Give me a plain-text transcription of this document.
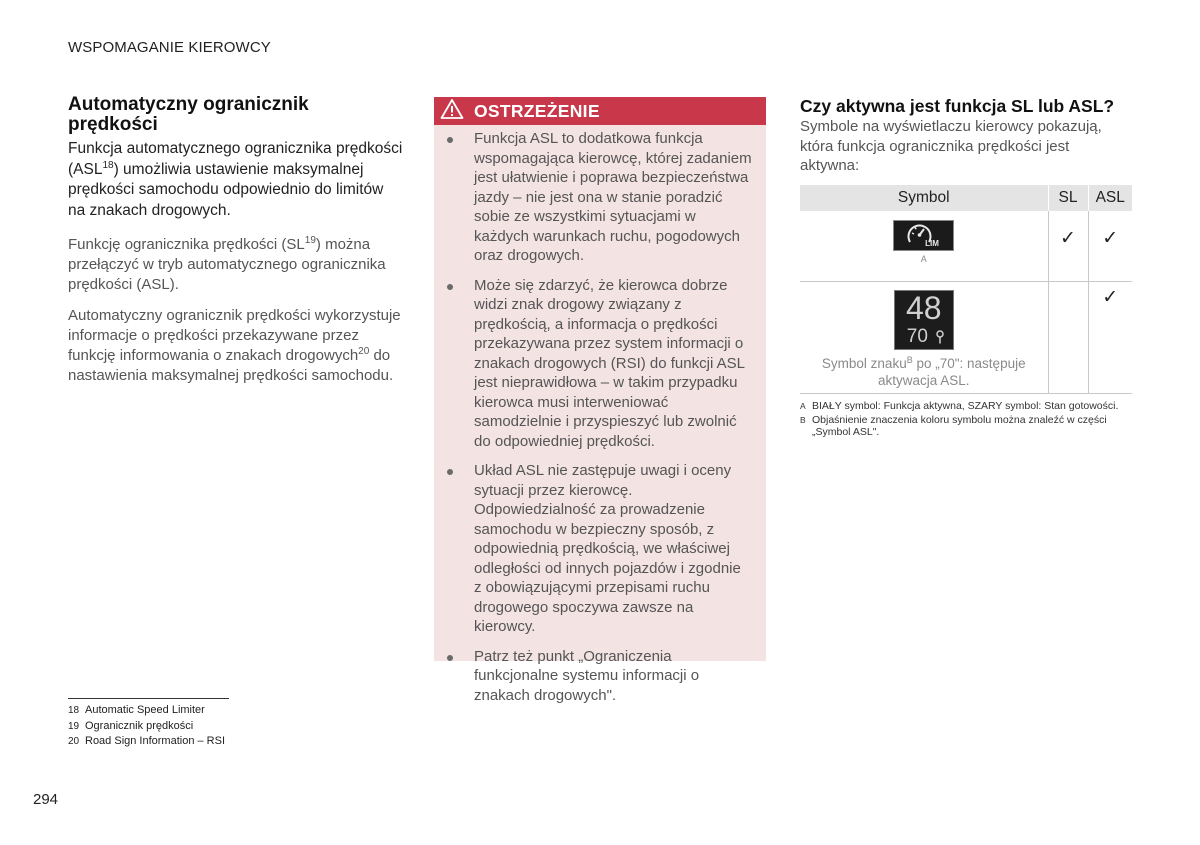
WSPOMAGANIE KIEROWCY
Automatyczny ogranicznik prędkości

Funkcja automatycznego ogranicznika prędkości (ASL$^{18}$) umożliwia ustawienie maksymalnej prędkości samochodu odpowiednio do limitów na znakach drogowych.

Funkcję ogranicznika prędkości (SL$^{19}$) można przełączyć w tryb automatycznego ogranicznika prędkości (ASL).

Automatyczny ogranicznik prędkości wykorzystuje informacje o prędkości przekazywane przez funkcję informowania o znakach drogowych$^{20}$ do nastawienia maksymalnej prędkości samochodu.

OSTRZEŻENIE
Funkcja ASL to dodatkowa funkcja wspomagająca kierowcę, której zadaniem jest ułatwienie i poprawa bezpieczeństwa jazdy – nie jest ona w stanie poradzić sobie ze wszystkimi sytuacjami w każdych warunkach ruchu, pogodowych oraz drogowych.
Może się zdarzyć, że kierowca dobrze widzi znak drogowy związany z prędkością, a informacja o prędkości przekazywana przez system informacji o znakach drogowych (RSI) do funkcji ASL jest nieprawidłowa – w takim przypadku kierowca musi interweniować samodzielnie i przyspieszyć lub zwolnić do odpowiedniej prędkości.
Układ ASL nie zastępuje uwagi i oceny sytuacji przez kierowcę. Odpowiedzialność za prowadzenie samochodu w bezpieczny sposób, z odpowiednią prędkością, we właściwej odległości od innych pojazdów i zgodnie z obowiązującymi przepisami ruchu drogowego spoczywa zawsze na kierowcy.
Patrz też punkt „Ograniczenia funkcjonalne systemu informacji o znakach drogowych".
Czy aktywna jest funkcja SL lub ASL?

Symbole na wyświetlaczu kierowcy pokazują, która funkcja ogranicznika prędkości jest aktywna:

Symbol	SL	ASL

LIM
A	✓	✓

48
70
Symbol znaku$^B$ po „70": następuje aktywacja ASL.		✓
A BIAŁY symbol: Funkcja aktywna, SZARY symbol: Stan gotowości.
B Objaśnienie znaczenia koloru symbolu można znaleźć w części „Symbol ASL".
18 Automatic Speed Limiter
19 Ogranicznik prędkości
20 Road Sign Information – RSI
294
